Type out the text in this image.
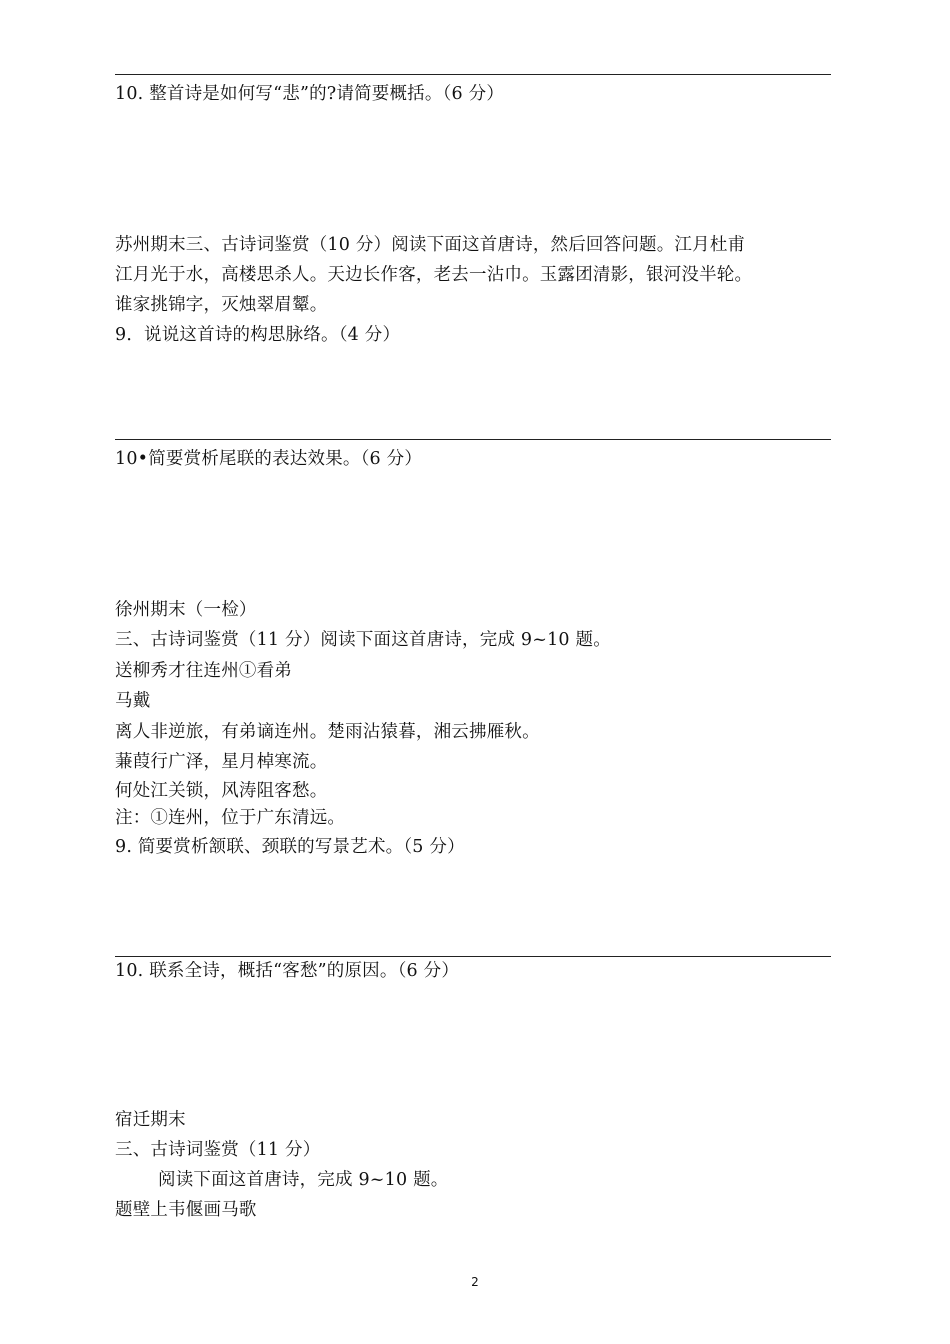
10. 整首诗是如何写“悲”的?请简要概括。（6 分）
苏州期末三、古诗词鉴赏（10 分）阅读下面这首唐诗，然后回答问题。江月杜甫
江月光于水，高楼思杀人。天边长作客，老去一沾巾。玉露团清影，银河没半轮。
谁家挑锦字，灭烛翠眉颦。
9．说说这首诗的构思脉络。（4 分）
10•简要赏析尾联的表达效果。（6 分）
徐州期末（一检）
三、古诗词鉴赏（11 分）阅读下面这首唐诗，完成 9~10 题。
送柳秀才往连州①看弟
马戴
离人非逆旅，有弟谪连州。楚雨沾猿暮，湘云拂雁秋。
蒹葭行广泽，星月棹寒流。
何处江关锁，风涛阻客愁。
注：①连州，位于广东清远。
9. 简要赏析颔联、颈联的写景艺术。（5 分）
10. 联系全诗，概括“客愁”的原因。（6 分）
宿迁期末
三、古诗词鉴赏（11 分）
阅读下面这首唐诗，完成 9~10 题。
题壁上韦偃画马歌
2
